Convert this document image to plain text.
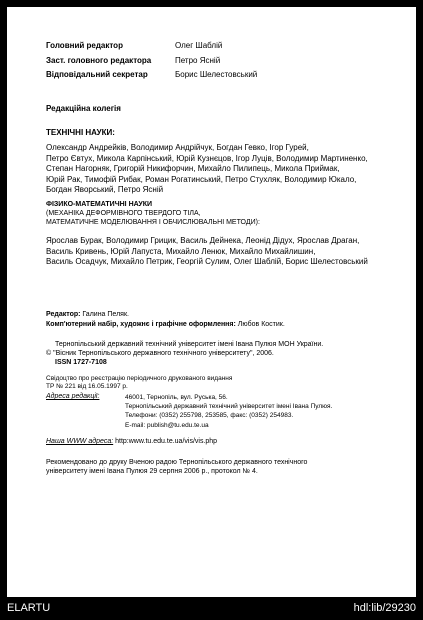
Головний редактор	Олег Шаблій
Заст. головного редактора	Петро Ясній
Відповідальний секретар	Борис Шелестовський
Редакційна колегія
ТЕХНІЧНІ НАУКИ:
Олександр Андрейків, Володимир Андрійчук, Богдан Гевко, Ігор Гурей,
Петро Євтух, Микола Карпінський, Юрій Кузнєцов, Ігор Луців, Володимир Мартиненко,
Степан Нагорняк, Григорій Никифорчин, Михайло Пилипець, Микола Приймак,
Юрій Рак, Тимофій Рибак, Роман Рогатинський, Петро Стухляк, Володимир Юкало,
Богдан Яворський, Петро Ясній
ФІЗИКО-МАТЕМАТИЧНІ НАУКИ
(МЕХАНІКА ДЕФОРМІВНОГО ТВЕРДОГО ТІЛА,
МАТЕМАТИЧНЕ МОДЕЛЮВАННЯ І ОБЧИСЛЮВАЛЬНІ МЕТОДИ):
Ярослав Бурак, Володимир Грицик, Василь Дейнека, Леонід Дідух, Ярослав Драган,
Василь Кривень, Юрій Лапуста, Михайло Ленюк, Михайло Михайлишин,
Василь Осадчук, Михайло Петрик, Георгій Сулим, Олег Шаблій, Борис Шелестовський
Редактор: Галина Пеляк.
Комп'ютерний набір, художнє і графічне оформлення: Любов Костик.
Тернопільський державний технічний університет імені Івана Пулюя МОН України.
© "Вісник Тернопільського державного технічного університету", 2006.
ISSN 1727-7108
Свідоцтво про реєстрацію періодичного друкованого видання
ТР № 221 від 16.05.1997 р.
Адреса редакції:	46001, Тернопіль, вул. Руська, 56.
Тернопільський державний технічний університет імені Івана Пулюя.
Телефони: (0352) 255798, 253585, факс: (0352) 254983.
E-mail: publish@tu.edu.te.ua
Наша WWW адреса: http:www.tu.edu.te.ua/vis/vis.php
Рекомендовано до друку Вченою радою Тернопільського державного технічного
університету імені Івана Пулюя 29 серпня 2006 р., протокол № 4.
ELARTU	hdl:lib/29230
